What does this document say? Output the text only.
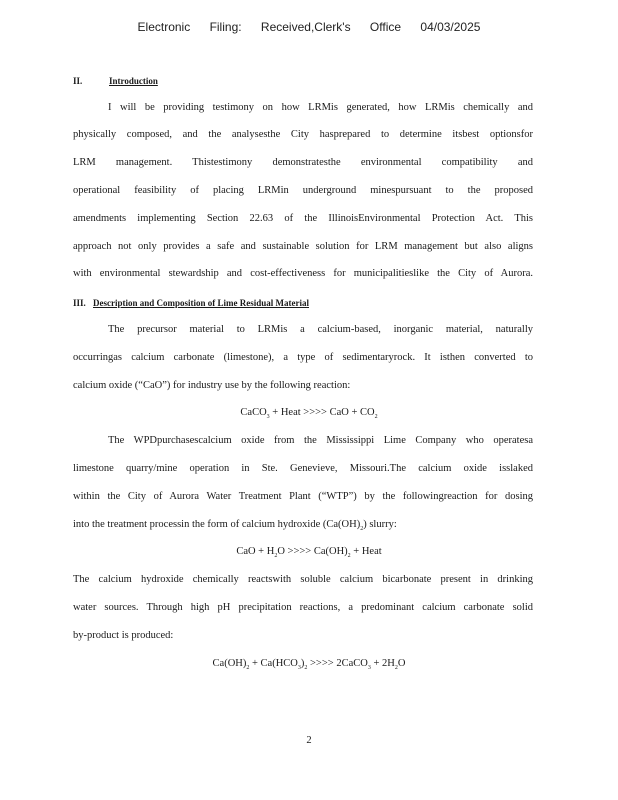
Electronic Filing: Received,Clerk's Office 04/03/2025
II.	Introduction
I will be providing testimony on how LRMis generated, how LRMis chemically and
physically composed, and the analysesthe City hasprepared to determine itsbest optionsfor
LRM management. Thistestimony demonstratesthe environmental compatibility and
operational feasibility of placing LRMin underground minespursuant to the proposed
amendments implementing Section 22.63 of the IllinoisEnvironmental Protection Act. This
approach not only provides a safe and sustainable solution for LRM management but also aligns
with environmental stewardship and cost-effectiveness for municipalitieslike the City of Aurora.
III. Description and Composition of Lime Residual Material
The precursor material to LRMis a calcium-based, inorganic material, naturally
occurringas calcium carbonate (limestone), a type of sedimentaryrock. It isthen converted to
calcium oxide (“CaO”) for industry use by the following reaction:
CaCO$_3$ + Heat >>>> CaO + $CO_2$
The WPDpurchasescalcium oxide from the Mississippi Lime Company who operatesa
limestone quarry/mine operation in Ste. Genevieve, Missouri.The calcium oxide isslaked
within the City of Aurora Water Treatment Plant (“WTP”) by the followingreaction for dosing
into the treatment processin the form of calcium hydroxide $(Ca(OH)_2)$ slurry:
CaO + $H_2O$ >>>> $Ca(OH)_2$ + Heat
The calcium hydroxide chemically reactswith soluble calcium bicarbonate present in drinking
water sources. Through high pH precipitation reactions, a predominant calcium carbonate solid
by-product is produced:
$Ca(OH)_2 + Ca(HCO_3)_2$ >>>> 2CaCO$_3$ + $2H_2O$
2
